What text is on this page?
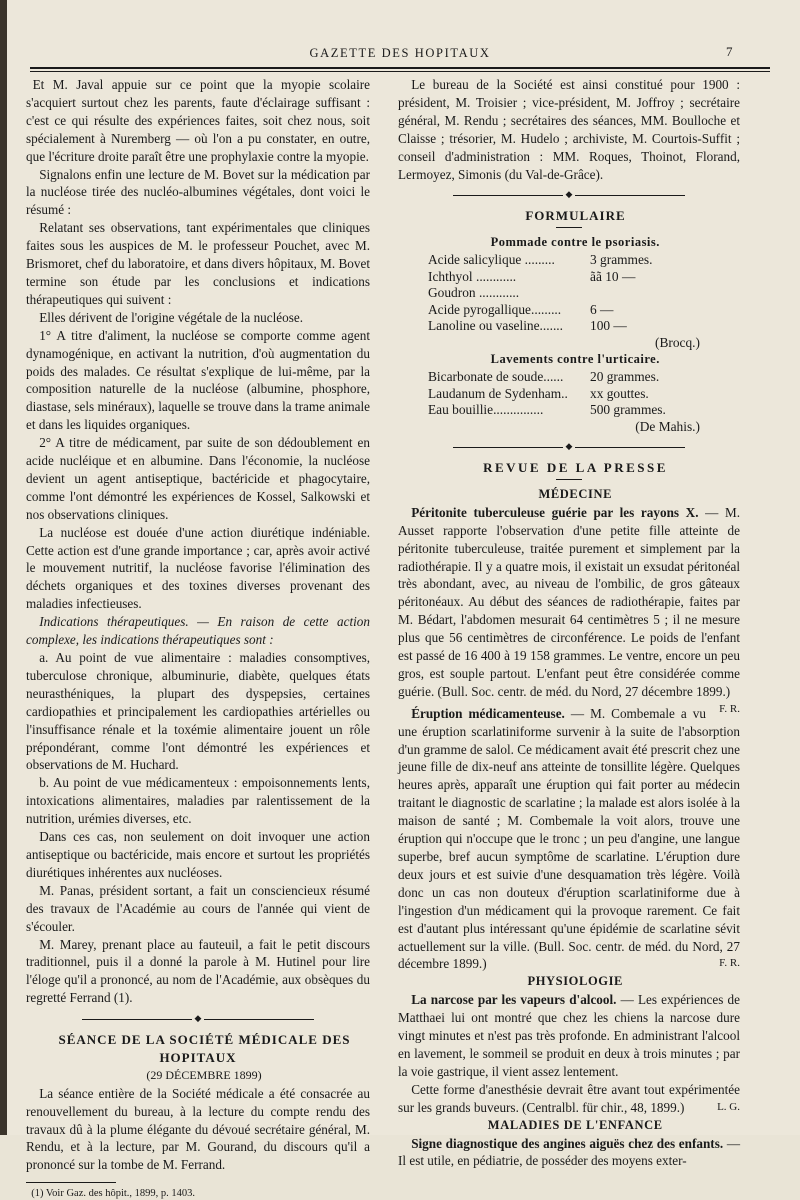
GAZETTE DES HOPITAUX	7

Et M. Javal appuie sur ce point que la myopie scolaire s'acquiert surtout chez les parents, faute d'éclairage suffisant : c'est ce qui résulte des expériences faites, soit chez nous, soit spécialement à Nuremberg — où l'on a pu constater, en outre, que l'écriture droite paraît être une prophylaxie contre la myopie.

Signalons enfin une lecture de M. Bovet sur la médication par la nucléose tirée des nucléo-albumines végétales, dont voici le résumé :

Relatant ses observations, tant expérimentales que cliniques faites sous les auspices de M. le professeur Pouchet, avec M. Brismoret, chef du laboratoire, et dans divers hôpitaux, M. Bovet termine son étude par les conclusions et indications thérapeutiques qui suivent :

Elles dérivent de l'origine végétale de la nucléose.

1° A titre d'aliment, la nucléose se comporte comme agent dynamogénique, en activant la nutrition, d'où augmentation du poids des malades. Ce résultat s'explique de lui-même, par la composition naturelle de la nucléose (albumine, phosphore, diastase, sels minéraux), laquelle se trouve dans la trame animale et dans les liquides organiques.

2° A titre de médicament, par suite de son dédoublement en acide nucléique et en albumine. Dans l'économie, la nucléose devient un agent antiseptique, bactéricide et phagocytaire, comme l'ont démontré les expériences de Kossel, Salkowski et nos observations cliniques.

La nucléose est douée d'une action diurétique indéniable. Cette action est d'une grande importance ; car, après avoir activé le mouvement nutritif, la nucléose favorise l'élimination des déchets organiques et des toxines diverses provenant des maladies infectieuses.

Indications thérapeutiques. — En raison de cette action complexe, les indications thérapeutiques sont :

a. Au point de vue alimentaire : maladies consomptives, tuberculose chronique, albuminurie, diabète, quelques états neurasthéniques, la plupart des dyspepsies, certaines cardiopathies et principalement les cardiopathies artérielles ou l'insuffisance rénale et la toxémie alimentaire jouent un rôle prépondérant, comme l'ont démontré les expériences et observations de M. Huchard.

b. Au point de vue médicamenteux : empoisonnements lents, intoxications alimentaires, maladies par ralentissement de la nutrition, urémies diverses, etc.

Dans ces cas, non seulement on doit invoquer une action antiseptique ou bactéricide, mais encore et surtout les propriétés diurétiques inhérentes aux nucléoses.

M. Panas, président sortant, a fait un consciencieux résumé des travaux de l'Académie au cours de l'année qui vient de s'écouler.

M. Marey, prenant place au fauteuil, a fait le petit discours traditionnel, puis il a donné la parole à M. Hutinel pour lire l'éloge qu'il a prononcé, au nom de l'Académie, aux obsèques du regretté Ferrand (1).

◆

SÉANCE DE LA SOCIÉTÉ MÉDICALE DES HOPITAUX

(29 DÉCEMBRE 1899)

La séance entière de la Société médicale a été consacrée au renouvellement du bureau, à la lecture du compte rendu des travaux dû à la plume élégante du dévoué secrétaire général, M. Rendu, et à la lecture, par M. Gourand, du discours qu'il a prononcé sur la tombe de M. Ferrand.

(1) Voir Gaz. des hôpit., 1899, p. 1403.

Le bureau de la Société est ainsi constitué pour 1900 : président, M. Troisier ; vice-président, M. Joffroy ; secrétaire général, M. Rendu ; secrétaires des séances, MM. Boulloche et Claisse ; trésorier, M. Hudelo ; archiviste, M. Courtois-Suffit ; conseil d'administration : MM. Roques, Thoinot, Florand, Lermoyez, Simonis (du Val-de-Grâce).

◆

FORMULAIRE

Pommade contre le psoriasis.

Acide salicylique .........	3 grammes.
Ichthyol ............	ãã 10 —
Goudron ............
Acide pyrogallique......... 6 —
Lanoline ou vaseline....... 100 —
(Brocq.)

Lavements contre l'urticaire.

Bicarbonate de soude...... 20 grammes.
Laudanum de Sydenham.. xx gouttes.
Eau bouillie...............	500 grammes.
(De Mahis.)
◆

REVUE DE LA PRESSE

MÉDECINE

Péritonite tuberculeuse guérie par les rayons X. — M. Ausset rapporte l'observation d'une petite fille atteinte de péritonite tuberculeuse, traitée purement et simplement par la radiothérapie. Il y a quatre mois, il existait un exsudat péritonéal très abondant, avec, au niveau de l'ombilic, de gros gâteaux péritonéaux. Au début des séances de radiothérapie, faites par M. Bédart, l'abdomen mesurait 64 centimètres 5 ; il ne mesure plus que 56 centimètres de circonférence. Le poids de l'enfant est passé de 16 400 à 19 158 grammes. Le ventre, encore un peu gros, est souple partout. L'enfant peut être considérée comme guérie. (Bull. Soc. centr. de méd. du Nord, 27 décembre 1899.)
F. R.

Éruption médicamenteuse. — M. Combemale a vu une éruption scarlatiniforme survenir à la suite de l'absorption d'un gramme de salol. Ce médicament avait été prescrit chez une jeune fille de dix-neuf ans atteinte de tonsillite légère. Quelques heures après, apparaît une éruption qui fait porter au médecin traitant le diagnostic de scarlatine ; la malade est alors isolée à la maison de santé ; M. Combemale la voit alors, trouve une éruption qui n'occupe que le tronc ; un peu d'angine, une langue superbe, bref aucun symptôme de scarlatine. L'éruption dure deux jours et est suivie d'une desquamation très légère. Voilà donc un cas non douteux d'éruption scarlatiniforme due à l'ingestion d'un médicament qui la provoque rarement. Ce fait est d'autant plus intéressant qu'une épidémie de scarlatine sévit actuellement sur la ville. (Bull. Soc. centr. de méd. du Nord, 27 décembre 1899.)	F. R.

PHYSIOLOGIE

La narcose par les vapeurs d'alcool. — Les expériences de Matthaei lui ont montré que chez les chiens la narcose dure vingt minutes et n'est pas très profonde. En administrant l'alcool en lavement, le sommeil se produit en deux à trois minutes ; par la voie gastrique, il vient assez lentement.

Cette forme d'anesthésie devrait être avant tout expérimentée sur les grands buveurs. (Centralbl. für chir., 48, 1899.)	L. G.

MALADIES DE L'ENFANCE

Signe diagnostique des angines aiguës chez des enfants. — Il est utile, en pédiatrie, de posséder des moyens exter-
